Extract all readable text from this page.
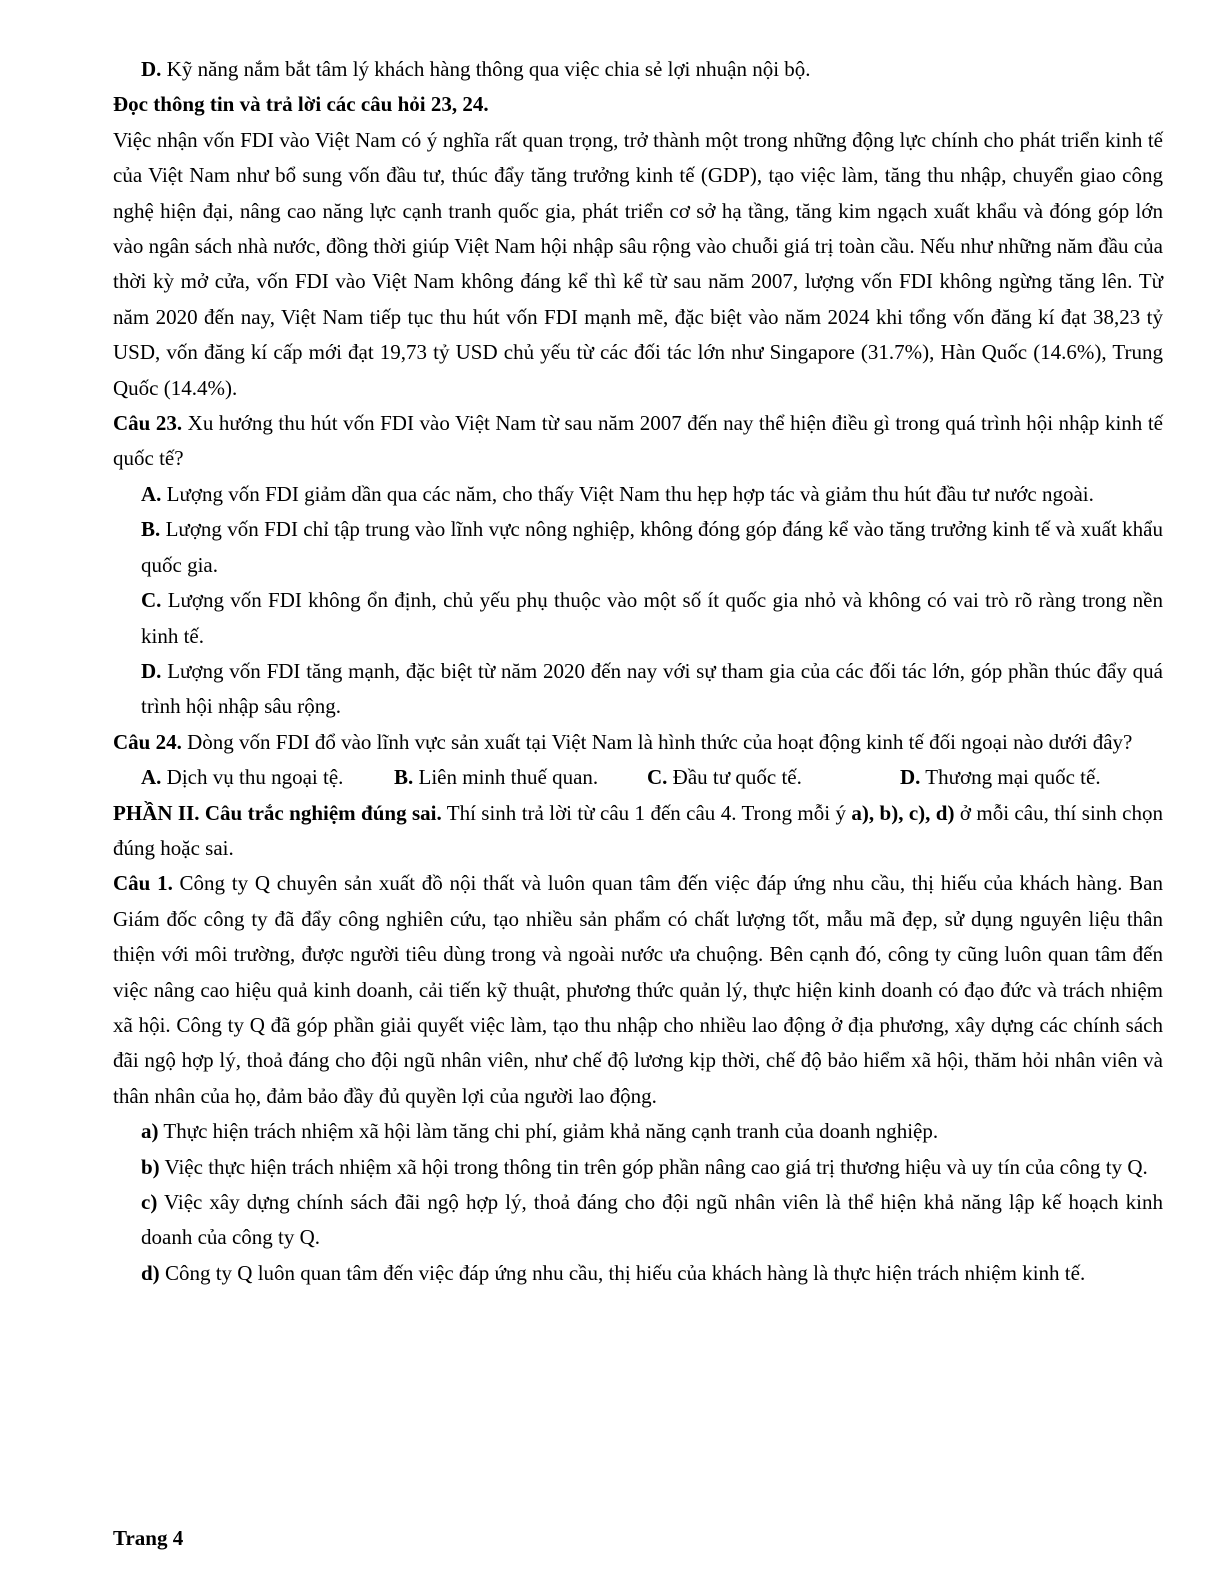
D. Kỹ năng nắm bắt tâm lý khách hàng thông qua việc chia sẻ lợi nhuận nội bộ.

Đọc thông tin và trả lời các câu hỏi 23, 24.

Việc nhận vốn FDI vào Việt Nam có ý nghĩa rất quan trọng, trở thành một trong những động lực chính cho phát triển kinh tế của Việt Nam như bổ sung vốn đầu tư, thúc đẩy tăng trưởng kinh tế (GDP), tạo việc làm, tăng thu nhập, chuyển giao công nghệ hiện đại, nâng cao năng lực cạnh tranh quốc gia, phát triển cơ sở hạ tầng, tăng kim ngạch xuất khẩu và đóng góp lớn vào ngân sách nhà nước, đồng thời giúp Việt Nam hội nhập sâu rộng vào chuỗi giá trị toàn cầu. Nếu như những năm đầu của thời kỳ mở cửa, vốn FDI vào Việt Nam không đáng kể thì kể từ sau năm 2007, lượng vốn FDI không ngừng tăng lên. Từ năm 2020 đến nay, Việt Nam tiếp tục thu hút vốn FDI mạnh mẽ, đặc biệt vào năm 2024 khi tổng vốn đăng kí đạt 38,23 tỷ USD, vốn đăng kí cấp mới đạt 19,73 tỷ USD chủ yếu từ các đối tác lớn như Singapore (31.7%), Hàn Quốc (14.6%), Trung Quốc (14.4%).

Câu 23. Xu hướng thu hút vốn FDI vào Việt Nam từ sau năm 2007 đến nay thể hiện điều gì trong quá trình hội nhập kinh tế quốc tế?

A. Lượng vốn FDI giảm dần qua các năm, cho thấy Việt Nam thu hẹp hợp tác và giảm thu hút đầu tư nước ngoài.

B. Lượng vốn FDI chỉ tập trung vào lĩnh vực nông nghiệp, không đóng góp đáng kể vào tăng trưởng kinh tế và xuất khẩu quốc gia.

C. Lượng vốn FDI không ổn định, chủ yếu phụ thuộc vào một số ít quốc gia nhỏ và không có vai trò rõ ràng trong nền kinh tế.

D. Lượng vốn FDI tăng mạnh, đặc biệt từ năm 2020 đến nay với sự tham gia của các đối tác lớn, góp phần thúc đẩy quá trình hội nhập sâu rộng.

Câu 24. Dòng vốn FDI đổ vào lĩnh vực sản xuất tại Việt Nam là hình thức của hoạt động kinh tế đối ngoại nào dưới đây?

A. Dịch vụ thu ngoại tệ.	B. Liên minh thuế quan.	C. Đầu tư quốc tế.	D. Thương mại quốc tế.

PHẦN II. Câu trắc nghiệm đúng sai. Thí sinh trả lời từ câu 1 đến câu 4. Trong mỗi ý a), b), c), d) ở mỗi câu, thí sinh chọn đúng hoặc sai.

Câu 1. Công ty Q chuyên sản xuất đồ nội thất và luôn quan tâm đến việc đáp ứng nhu cầu, thị hiếu của khách hàng. Ban Giám đốc công ty đã đẩy công nghiên cứu, tạo nhiều sản phẩm có chất lượng tốt, mẫu mã đẹp, sử dụng nguyên liệu thân thiện với môi trường, được người tiêu dùng trong và ngoài nước ưa chuộng. Bên cạnh đó, công ty cũng luôn quan tâm đến việc nâng cao hiệu quả kinh doanh, cải tiến kỹ thuật, phương thức quản lý, thực hiện kinh doanh có đạo đức và trách nhiệm xã hội. Công ty Q đã góp phần giải quyết việc làm, tạo thu nhập cho nhiều lao động ở địa phương, xây dựng các chính sách đãi ngộ hợp lý, thoả đáng cho đội ngũ nhân viên, như chế độ lương kịp thời, chế độ bảo hiểm xã hội, thăm hỏi nhân viên và thân nhân của họ, đảm bảo đầy đủ quyền lợi của người lao động.

a) Thực hiện trách nhiệm xã hội làm tăng chi phí, giảm khả năng cạnh tranh của doanh nghiệp.

b) Việc thực hiện trách nhiệm xã hội trong thông tin trên góp phần nâng cao giá trị thương hiệu và uy tín của công ty Q.

c) Việc xây dựng chính sách đãi ngộ hợp lý, thoả đáng cho đội ngũ nhân viên là thể hiện khả năng lập kế hoạch kinh doanh của công ty Q.

d) Công ty Q luôn quan tâm đến việc đáp ứng nhu cầu, thị hiếu của khách hàng là thực hiện trách nhiệm kinh tế.

Trang 4
